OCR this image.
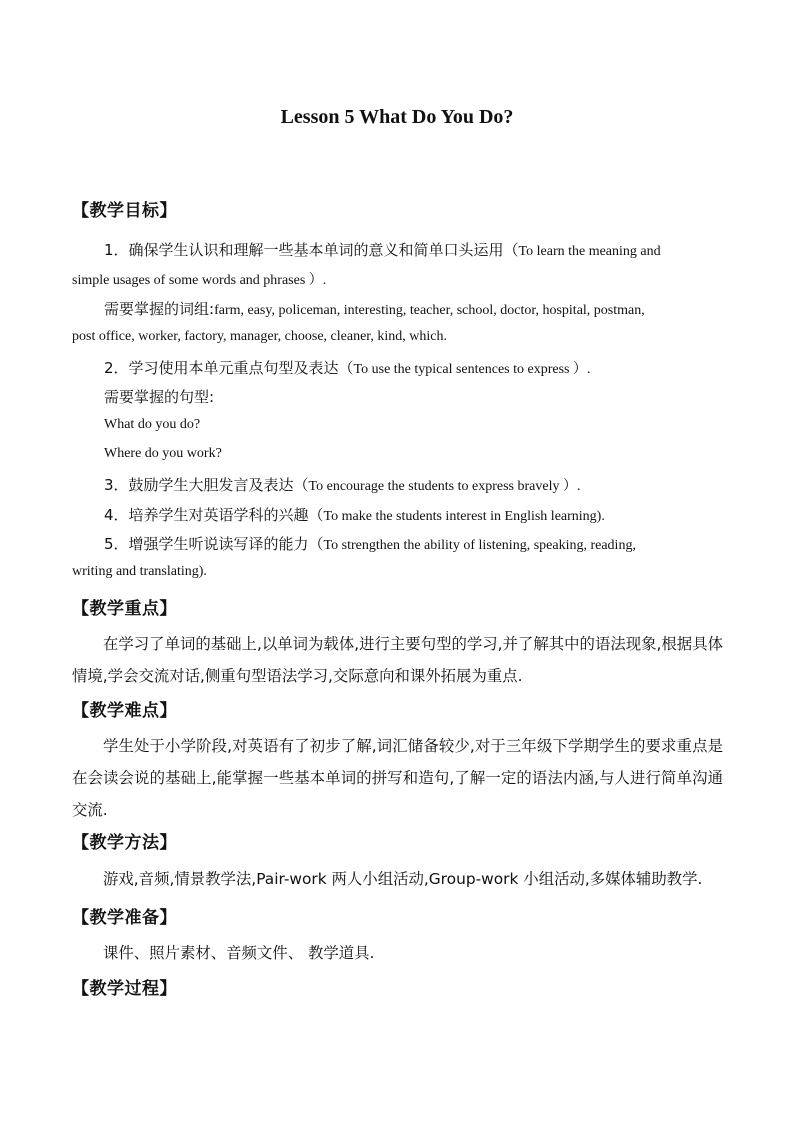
Lesson 5 What Do You Do?
【教学目标】
1．确保学生认识和理解一些基本单词的意义和简单口头运用（To learn the meaning and
simple usages of some words and phrases ）.
需要掌握的词组:farm, easy, policeman, interesting, teacher, school, doctor, hospital, postman,
post office, worker, factory, manager, choose, cleaner, kind, which.
2．学习使用本单元重点句型及表达（To use the typical sentences to express ）.
需要掌握的句型:
What do you do?
Where do you work?
3．鼓励学生大胆发言及表达（To encourage the students to express bravely ）.
4．培养学生对英语学科的兴趣（To make the students interest in English learning).
5．增强学生听说读写译的能力（To strengthen the ability of listening, speaking, reading,
writing and translating).
【教学重点】
在学习了单词的基础上,以单词为载体,进行主要句型的学习,并了解其中的语法现象,根据具体情境,学会交流对话,侧重句型语法学习,交际意向和课外拓展为重点.
【教学难点】
学生处于小学阶段,对英语有了初步了解,词汇储备较少,对于三年级下学期学生的要求重点是在会读会说的基础上,能掌握一些基本单词的拼写和造句,了解一定的语法内涵,与人进行简单沟通交流.
【教学方法】
游戏,音频,情景教学法,Pair-work 两人小组活动,Group-work 小组活动,多媒体辅助教学.
【教学准备】
课件、照片素材、音频文件、 教学道具.
【教学过程】
